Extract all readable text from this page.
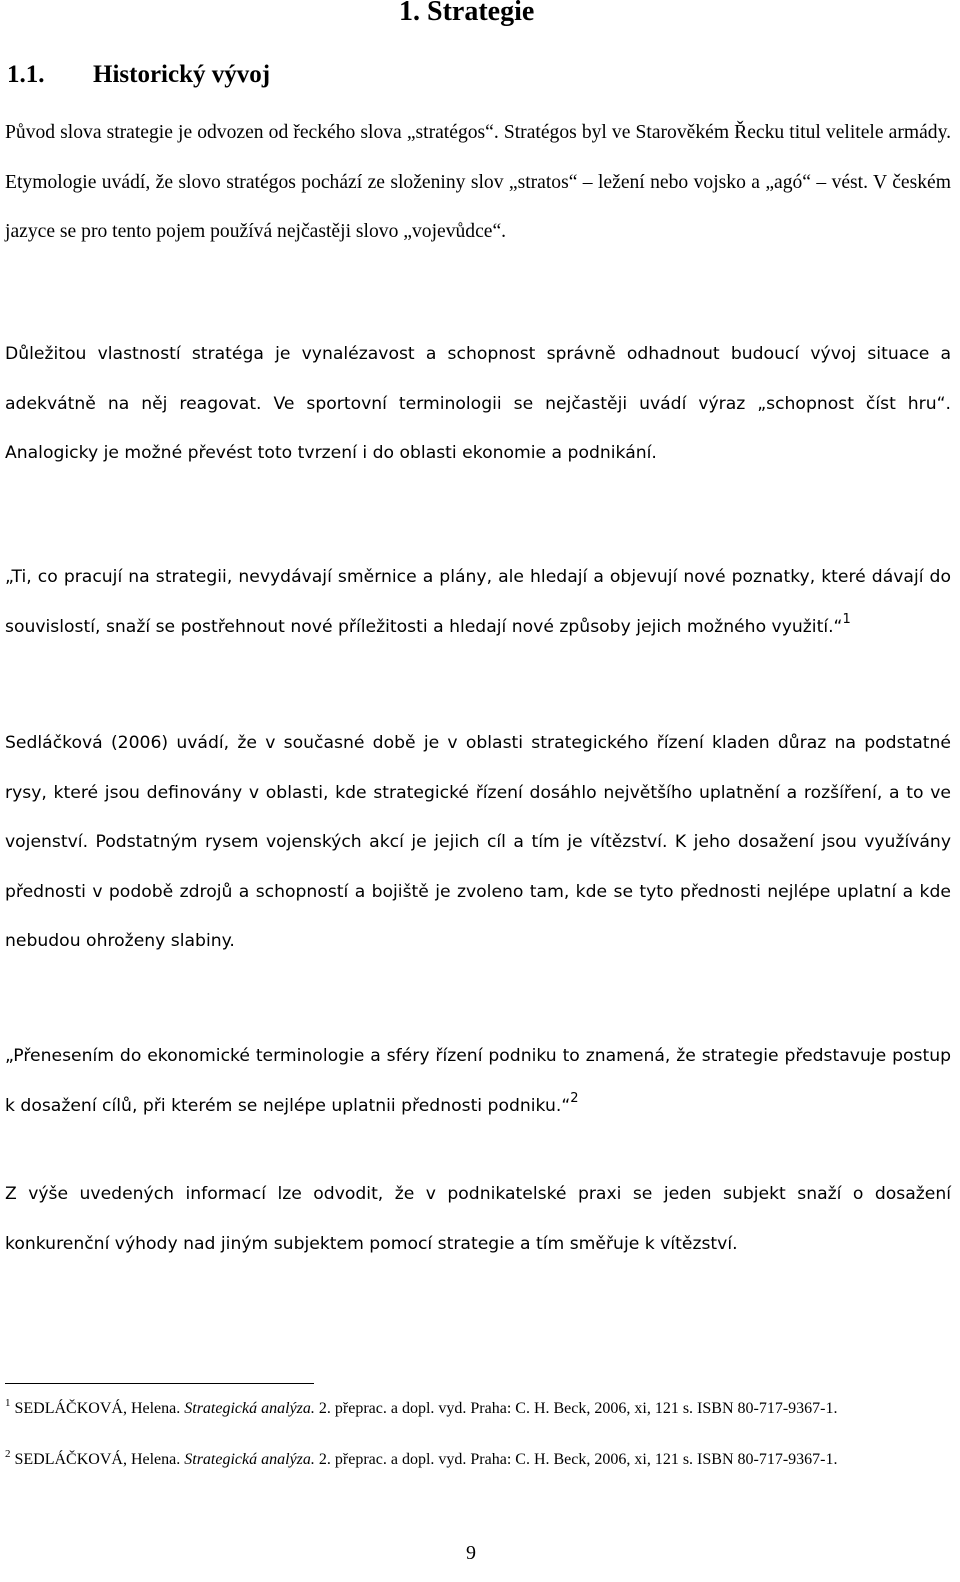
1. Strategie
1.1. Historický vývoj

Původ slova strategie je odvozen od řeckého slova „stratégos“. Stratégos byl ve Starověkém Řecku titul velitele armády. Etymologie uvádí, že slovo stratégos pochází ze složeniny slov „stratos“ – ležení nebo vojsko a „agó“ – vést. V českém jazyce se pro tento pojem používá nejčastěji slovo „vojevůdce“.

Důležitou vlastností stratéga je vynalézavost a schopnost správně odhadnout budoucí vývoj situace a adekvátně na něj reagovat. Ve sportovní terminologii se nejčastěji uvádí výraz „schopnost číst hru“. Analogicky je možné převést toto tvrzení i do oblasti ekonomie a podnikání.

„Ti, co pracují na strategii, nevydávají směrnice a plány, ale hledají a objevují nové poznatky, které dávají do souvislostí, snaží se postřehnout nové příležitosti a hledají nové způsoby jejich možného využití.“$^1$

Sedláčková (2006) uvádí, že v současné době je v oblasti strategického řízení kladen důraz na podstatné rysy, které jsou definovány v oblasti, kde strategické řízení dosáhlo největšího uplatnění a rozšíření, a to ve vojenství. Podstatným rysem vojenských akcí je jejich cíl a tím je vítězství. K jeho dosažení jsou využívány přednosti v podobě zdrojů a schopností a bojiště je zvoleno tam, kde se tyto přednosti nejlépe uplatní a kde nebudou ohroženy slabiny.

„Přenesením do ekonomické terminologie a sféry řízení podniku to znamená, že strategie představuje postup k dosažení cílů, při kterém se nejlépe uplatnii přednosti podniku.“$^2$

Z výše uvedených informací lze odvodit, že v podnikatelské praxi se jeden subjekt snaží o dosažení konkurenční výhody nad jiným subjektem pomocí strategie a tím směřuje k vítězství.

$^1$ SEDLÁČKOVÁ, Helena. Strategická analýza. 2. přeprac. a dopl. vyd. Praha: C. H. Beck, 2006, xi, 121 s. ISBN 80-717-9367-1.

$^2$ SEDLÁČKOVÁ, Helena. Strategická analýza. 2. přeprac. a dopl. vyd. Praha: C. H. Beck, 2006, xi, 121 s. ISBN 80-717-9367-1.

9
